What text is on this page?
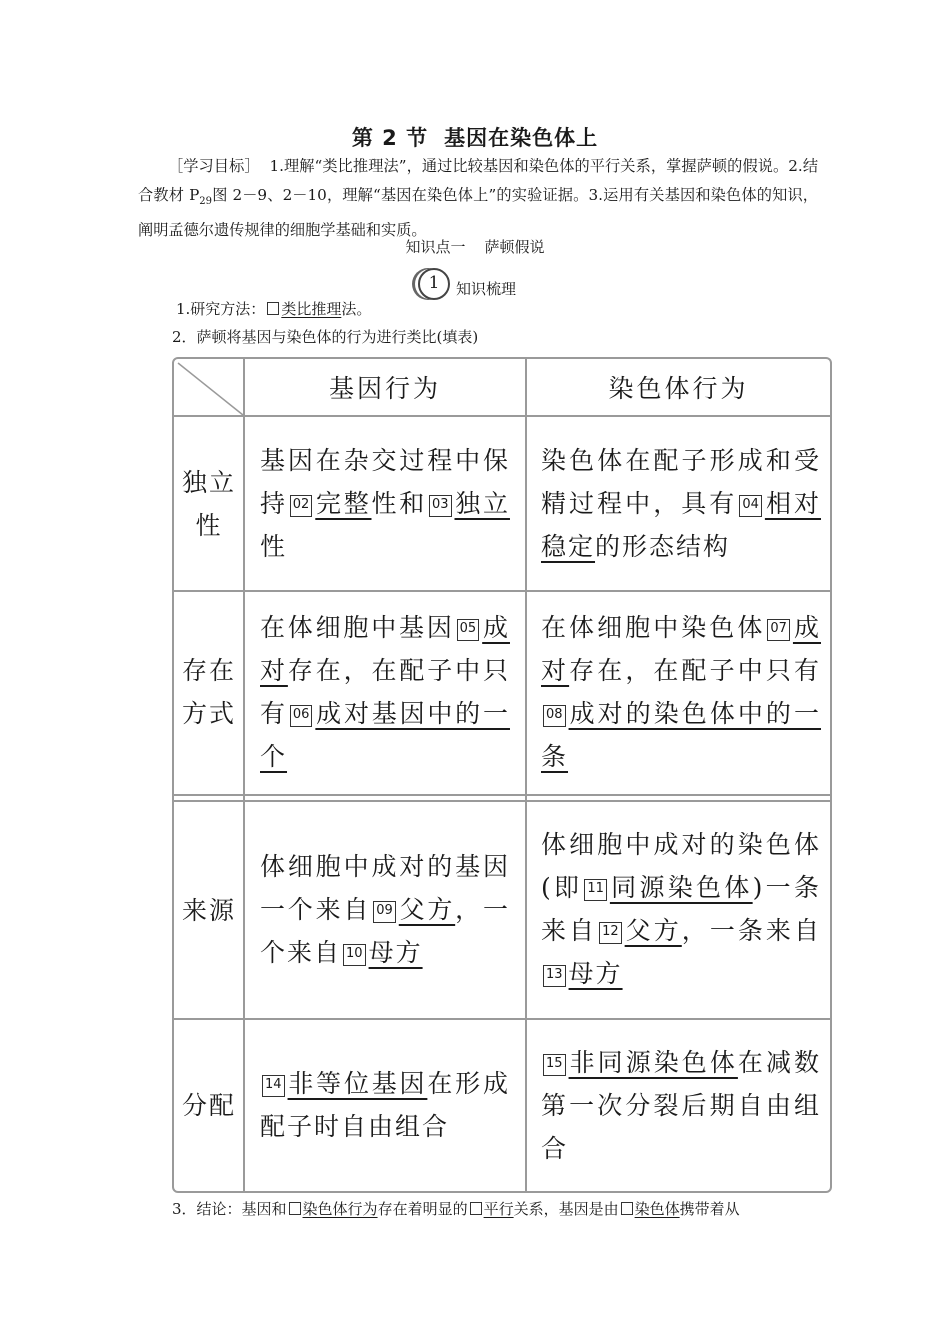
第 2 节 基因在染色体上
［学习目标］ 1.理解“类比推理法”，通过比较基因和染色体的平行关系，掌握萨顿的假说。2.结合教材 $P_{29}$图 2－9、2－10，理解“基因在染色体上”的实验证据。3.运用有关基因和染色体的知识，阐明孟德尔遗传规律的细胞学基础和实质。
知识点一 萨顿假说
1 知识梳理
1.研究方法： 类比推理法。
2．萨顿将基因与染色体的行为进行类比(填表)
基因行为	染色体行为
独立性
基因在杂交过程中保持 02 完整性和 03 独立性
染色体在配子形成和受精过程中，具有 04 相对稳定的形态结构
存在方式
在体细胞中基因 05 成对存在，在配子中只有 06 成对基因中的一个
在体细胞中染色体 07 成对存在，在配子中只有08 成对的染色体中的一条
来源
体细胞中成对的基因一个来自 09 父方，一个来自 10 母方
体细胞中成对的染色体(即 11 同源染色体)一条来自 12 父方，一条来自13 母方
分配
14 非等位基因在形成配子时自由组合
15 非同源染色体在减数第一次分裂后期自由组合
3．结论：基因和 染色体行为存在着明显的 平行关系，基因是由 染色体携带着从
